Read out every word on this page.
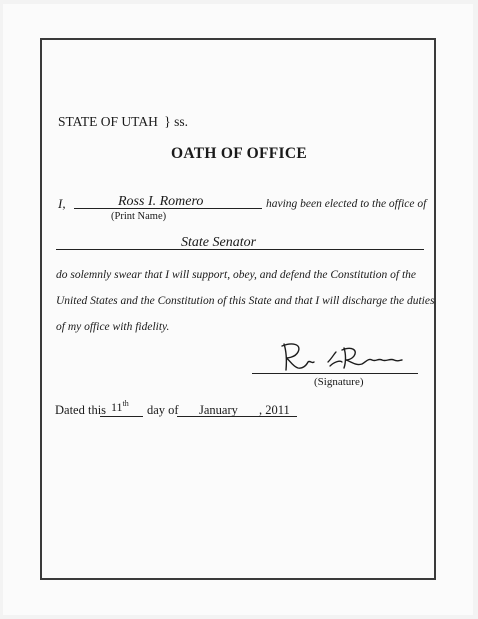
STATE OF UTAH } ss.
OATH OF OFFICE
I,	Ross I. Romero
(Print Name)
having been elected to the office of
State Senator
do solemnly swear that I will support, obey, and defend the Constitution of the
United States and the Constitution of this State and that I will discharge the duties
of my office with fidelity.
(Signature)
Dated this 11th day of January , 2011
